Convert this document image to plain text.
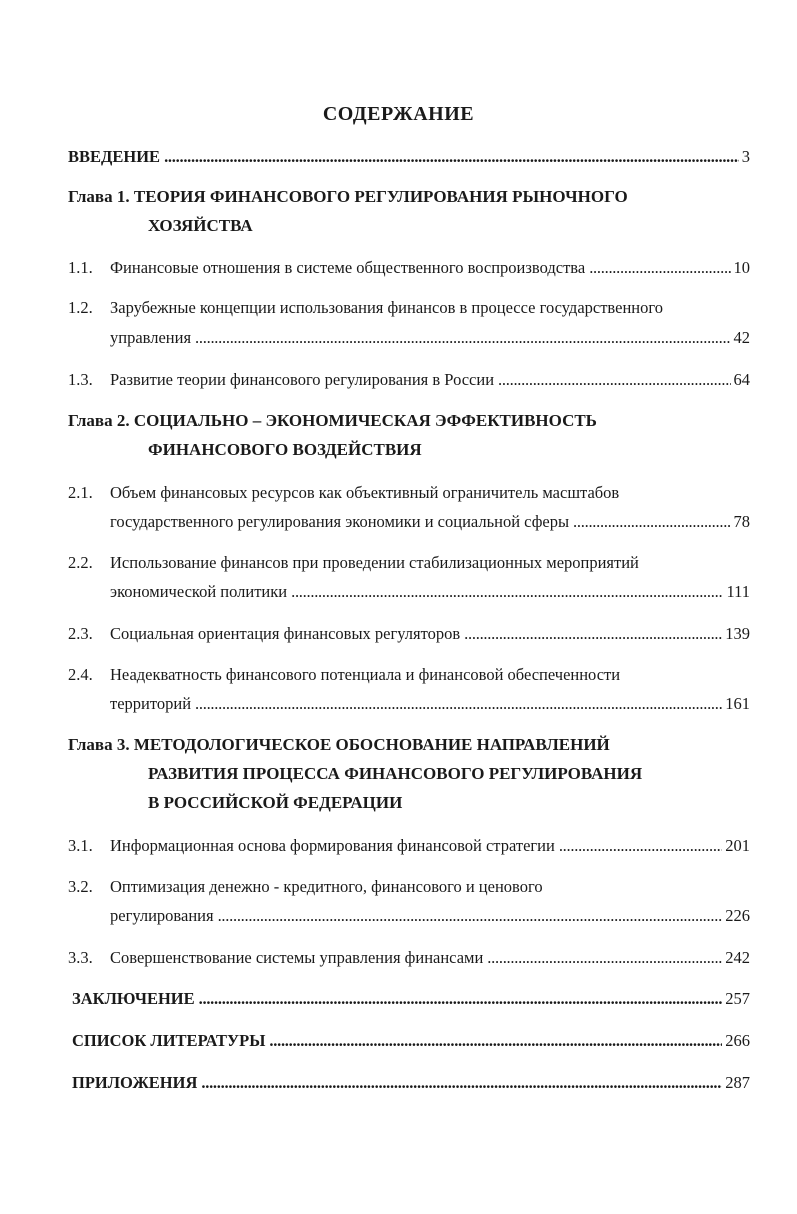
СОДЕРЖАНИЕ
ВВЕДЕНИЕ . . .	3
Глава 1. ТЕОРИЯ ФИНАНСОВОГО РЕГУЛИРОВАНИЯ РЫНОЧНОГО
ХОЗЯЙСТВА
1.1. Финансовые отношения в системе общественного воспроизводства . . .	10
1.2. Зарубежные концепции использования финансов в процессе государственного
управления . . .	42
1.3. Развитие теории финансового регулирования в России . . .	64
Глава 2. СОЦИАЛЬНО – ЭКОНОМИЧЕСКАЯ ЭФФЕКТИВНОСТЬ
ФИНАНСОВОГО ВОЗДЕЙСТВИЯ
2.1. Объем финансовых ресурсов как объективный ограничитель масштабов
государственного регулирования экономики и социальной сферы . . .	78
2.2. Использование финансов при проведении стабилизационных мероприятий
экономической политики . . .	111
2.3. Социальная ориентация финансовых регуляторов . . .	139
2.4. Неадекватность финансового потенциала и финансовой обеспеченности
территорий . . .	161
Глава 3. МЕТОДОЛОГИЧЕСКОЕ ОБОСНОВАНИЕ НАПРАВЛЕНИЙ
РАЗВИТИЯ ПРОЦЕССА ФИНАНСОВОГО РЕГУЛИРОВАНИЯ
В РОССИЙСКОЙ ФЕДЕРАЦИИ
3.1. Информационная основа формирования финансовой стратегии . . .	201
3.2. Оптимизация денежно - кредитного, финансового и ценового
регулирования . . .	226
3.3. Совершенствование системы управления финансами . . .	242
ЗАКЛЮЧЕНИЕ . . .	257
СПИСОК ЛИТЕРАТУРЫ . . .	266
ПРИЛОЖЕНИЯ . . .	287
